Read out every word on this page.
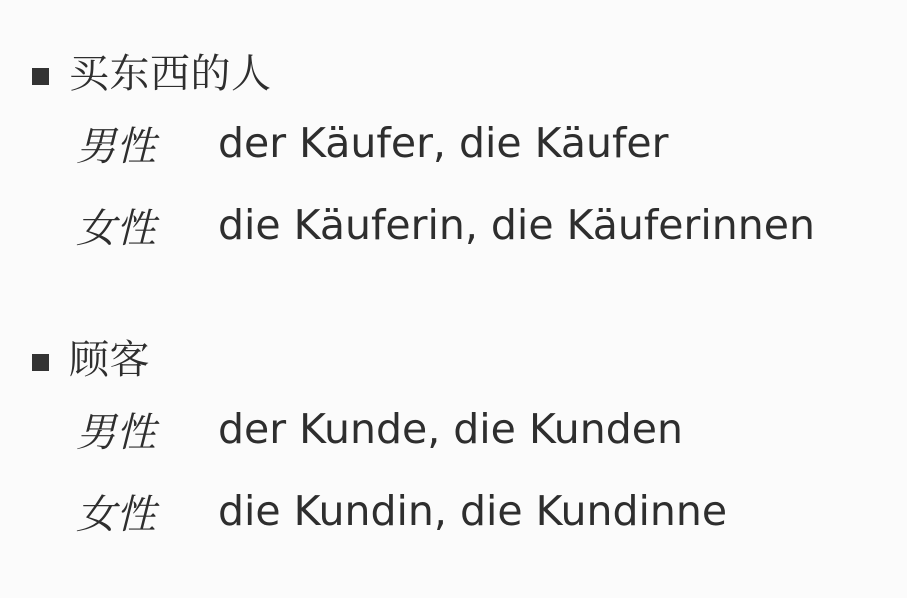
买东西的人
男性	der Käufer, die Käufer
女性	die Käuferin, die Käuferinnen
顾客
男性	der Kunde, die Kunden
女性	die Kundin, die Kundinne
